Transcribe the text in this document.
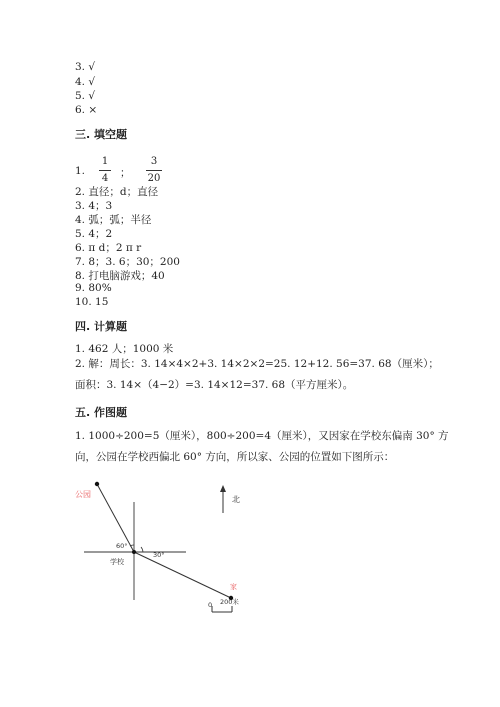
3. √
4. √
5. √
6. ×
三. 填空题
1.
1
4 ；
3
20
2. 直径；d；直径
3. 4；3
4. 弧；弧；半径
5. 4；2
6. π d；2 π r
7. 8；3. 6；30；200
8. 打电脑游戏；40
9. 80%
10. 15
四. 计算题
1. 462 人；1000 米
2. 解：周长：3. 14×4×2+3. 14×2×2=25. 12+12. 56=37. 68（厘米）；
面积：3. 14×（4−2）=3. 14×12=37. 68（平方厘米）。
五. 作图题
1. 1000÷200=5（厘米），800÷200=4（厘米），又因家在学校东偏南 30° 方
向，公园在学校西偏北 60° 方向，所以家、公园的位置如下图所示：
公园
北
60°
30°
学校
家
0 200米
